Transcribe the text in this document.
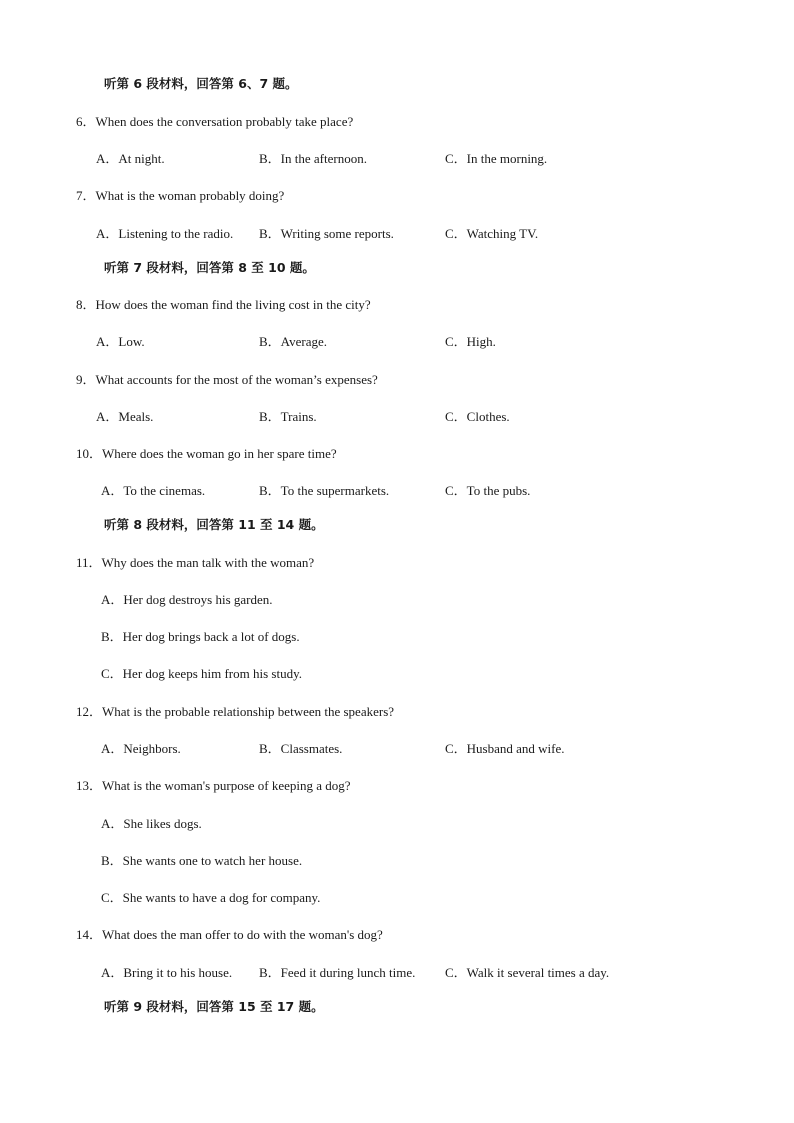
听第 6 段材料，回答第 6、7 题。
6．When does the conversation probably take place?
A．At night.	B．In the afternoon.	C．In the morning.
7．What is the woman probably doing?
A．Listening to the radio. B．Writing some reports.	C．Watching TV.
听第 7 段材料，回答第 8 至 10 题。
8．How does the woman find the living cost in the city?
A．Low.	B．Average.	C．High.
9．What accounts for the most of the woman’s expenses?
A．Meals.	B．Trains.	C．Clothes.
10．Where does the woman go in her spare time?
A．To the cinemas.	B．To the supermarkets.	C．To the pubs.
听第 8 段材料，回答第 11 至 14 题。
11．Why does the man talk with the woman?
A．Her dog destroys his garden.
B．Her dog brings back a lot of dogs.
C．Her dog keeps him from his study.
12．What is the probable relationship between the speakers?
A．Neighbors.	B．Classmates.	C．Husband and wife.
13．What is the woman's purpose of keeping a dog?
A．She likes dogs.
B．She wants one to watch her house.
C．She wants to have a dog for company.
14．What does the man offer to do with the woman's dog?
A．Bring it to his house. B．Feed it during lunch time. C．Walk it several times a day.
听第 9 段材料，回答第 15 至 17 题。
